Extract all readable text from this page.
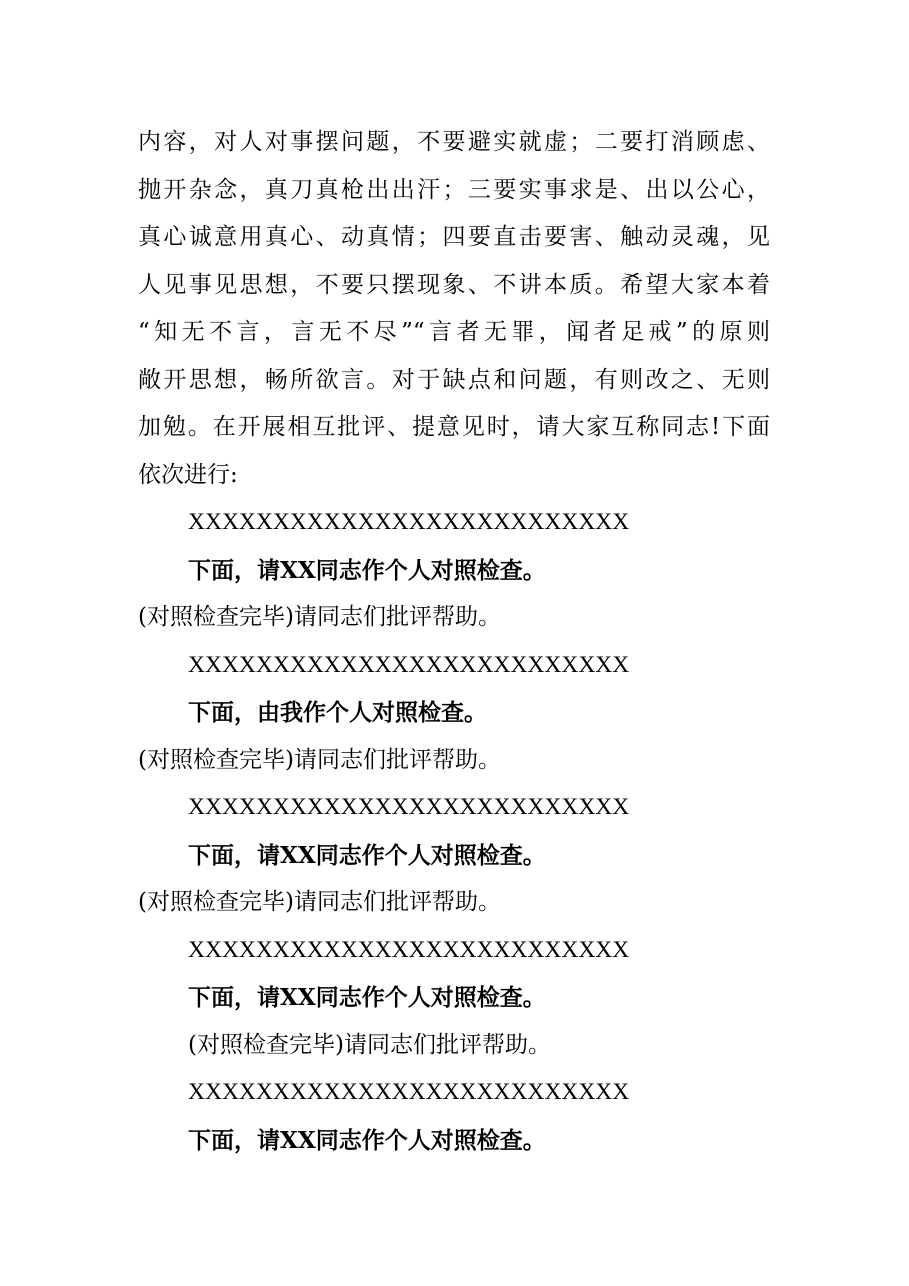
内容，对人对事摆问题，不要避实就虚；二要打消顾虑、
抛开杂念，真刀真枪出出汗；三要实事求是、出以公心，
真心诚意用真心、动真情；四要直击要害、触动灵魂，见
人见事见思想，不要只摆现象、不讲本质。希望大家本着
“知无不言，言无不尽”“言者无罪，闻者足戒”的原则
敞开思想，畅所欲言。对于缺点和问题，有则改之、无则
加勉。在开展相互批评、提意见时，请大家互称同志!下面
依次进行:
XXXXXXXXXXXXXXXXXXXXXXXXXX
下面，请XX同志作个人对照检查。
(对照检查完毕)请同志们批评帮助。
XXXXXXXXXXXXXXXXXXXXXXXXXX
下面，由我作个人对照检查。
(对照检查完毕)请同志们批评帮助。
XXXXXXXXXXXXXXXXXXXXXXXXXX
下面，请XX同志作个人对照检查。
(对照检查完毕)请同志们批评帮助。
XXXXXXXXXXXXXXXXXXXXXXXXXX
下面，请XX同志作个人对照检查。
(对照检查完毕)请同志们批评帮助。
XXXXXXXXXXXXXXXXXXXXXXXXXX
下面，请XX同志作个人对照检查。
